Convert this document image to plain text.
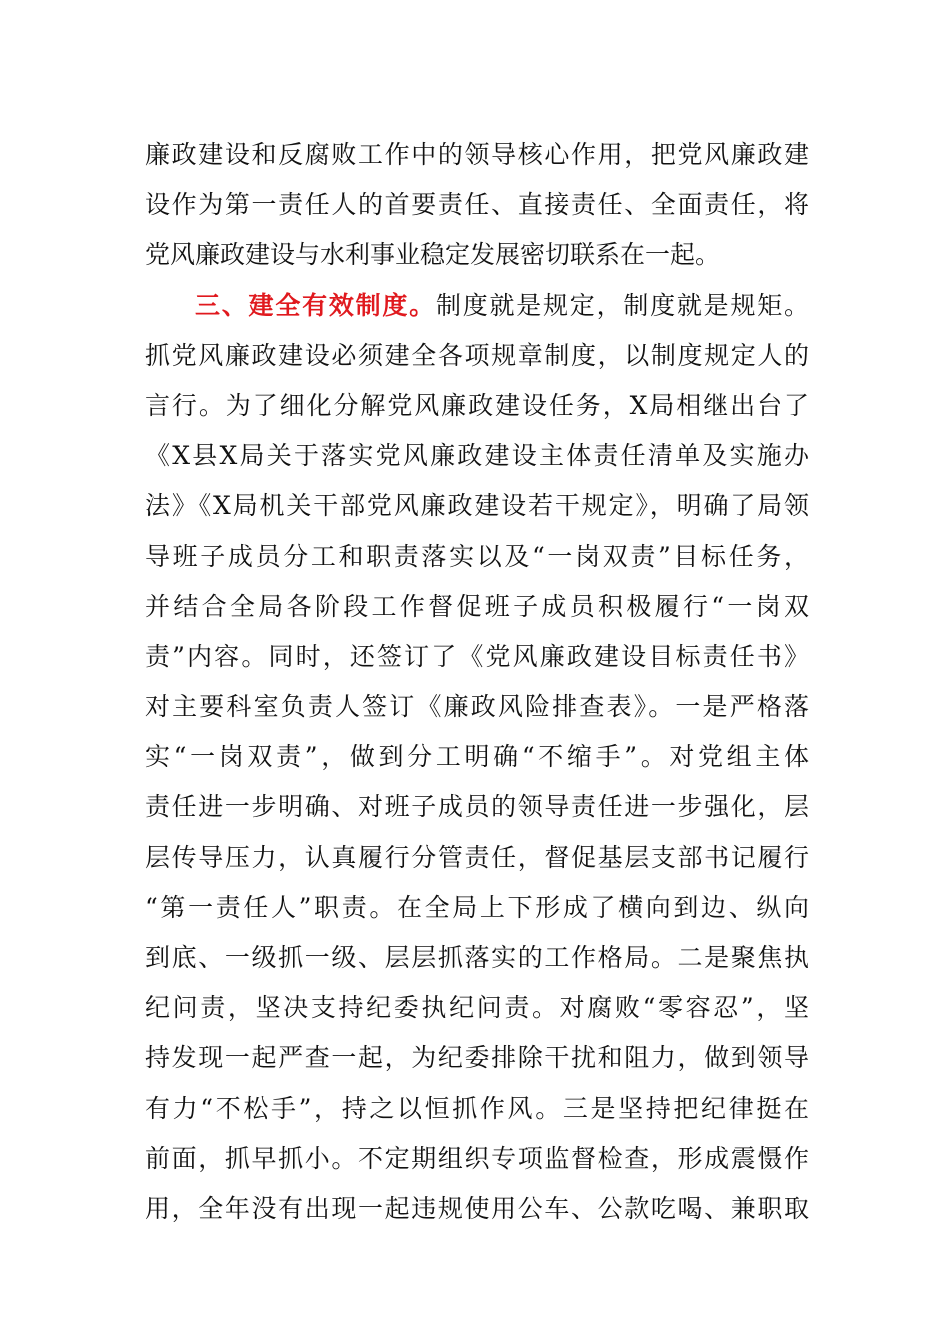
廉政建设和反腐败工作中的领导核心作用，把党风廉政建
设作为第一责任人的首要责任、直接责任、全面责任，将
党风廉政建设与水利事业稳定发展密切联系在一起。
三、建全有效制度。制度就是规定，制度就是规矩。
抓党风廉政建设必须建全各项规章制度，以制度规定人的
言行。为了细化分解党风廉政建设任务，X局相继出台了
《X县X局关于落实党风廉政建设主体责任清单及实施办
法》《X局机关干部党风廉政建设若干规定》，明确了局领
导班子成员分工和职责落实以及“一岗双责”目标任务，
并结合全局各阶段工作督促班子成员积极履行“一岗双
责”内容。同时，还签订了《党风廉政建设目标责任书》
对主要科室负责人签订《廉政风险排查表》。一是严格落
实“一岗双责”，做到分工明确“不缩手”。对党组主体
责任进一步明确、对班子成员的领导责任进一步强化，层
层传导压力，认真履行分管责任，督促基层支部书记履行
“第一责任人”职责。在全局上下形成了横向到边、纵向
到底、一级抓一级、层层抓落实的工作格局。二是聚焦执
纪问责，坚决支持纪委执纪问责。对腐败“零容忍”，坚
持发现一起严查一起，为纪委排除干扰和阻力，做到领导
有力“不松手”，持之以恒抓作风。三是坚持把纪律挺在
前面，抓早抓小。不定期组织专项监督检查，形成震慑作
用，全年没有出现一起违规使用公车、公款吃喝、兼职取
